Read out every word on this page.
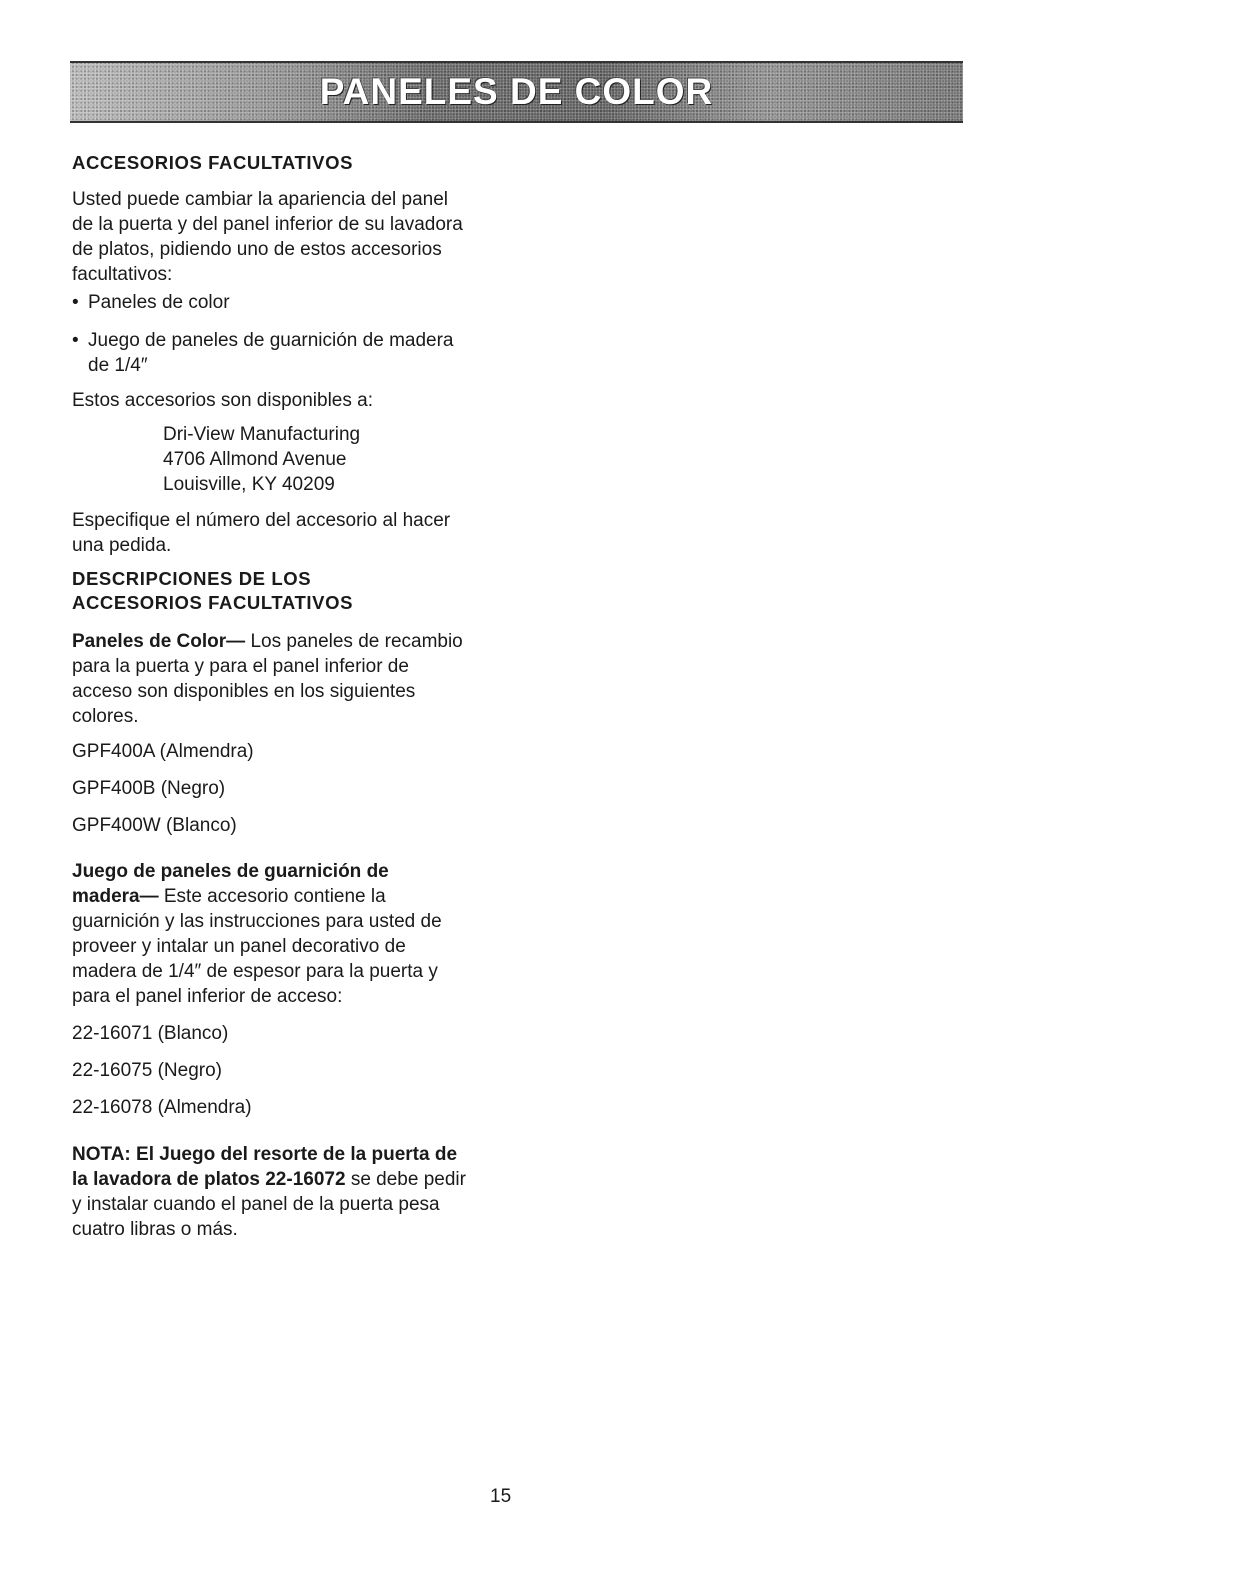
PANELES DE COLOR

ACCESORIOS FACULTATIVOS

Usted puede cambiar la apariencia del panel

de la puerta y del panel inferior de su lavadora

de platos, pidiendo uno de estos accesorios

facultativos:

• Paneles de color

• Juego de paneles de guarnición de madera

de 1/4″

Estos accesorios son disponibles a:

Dri-View Manufacturing

4706 Allmond Avenue

Louisville, KY 40209

Especifique el número del accesorio al hacer

una pedida.

DESCRIPCIONES DE LOS

ACCESORIOS FACULTATIVOS

Paneles de Color— Los paneles de recambio

para la puerta y para el panel inferior de

acceso son disponibles en los siguientes

colores.

GPF400A (Almendra)

GPF400B (Negro)

GPF400W (Blanco)

Juego de paneles de guarnición de

madera— Este accesorio contiene la

guarnición y las instrucciones para usted de

proveer y intalar un panel decorativo de

madera de 1/4″ de espesor para la puerta y

para el panel inferior de acceso:

22-16071 (Blanco)

22-16075 (Negro)

22-16078 (Almendra)

NOTA: El Juego del resorte de la puerta de

la lavadora de platos 22-16072 se debe pedir

y instalar cuando el panel de la puerta pesa

cuatro libras o más.

15
